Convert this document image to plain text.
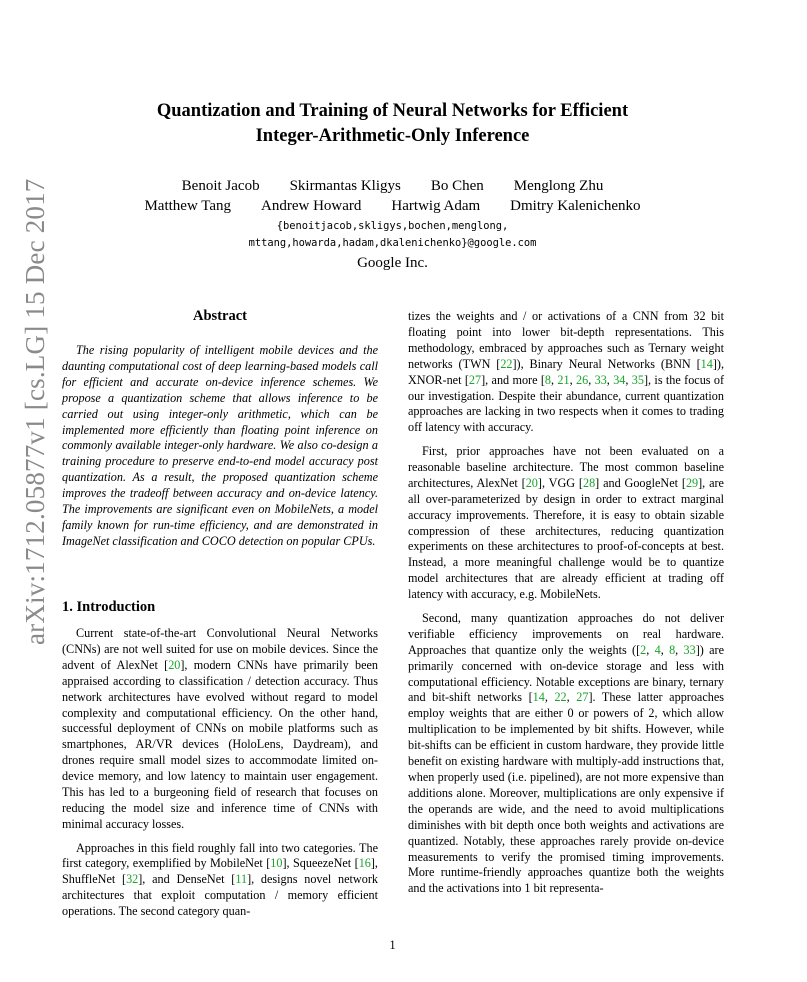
arXiv:1712.05877v1 [cs.LG] 15 Dec 2017
Quantization and Training of Neural Networks for Efficient
Integer-Arithmetic-Only Inference
Benoit Jacob Skirmantas Kligys Bo Chen Menglong Zhu
Matthew Tang Andrew Howard Hartwig Adam Dmitry Kalenichenko
{benoitjacob,skligys,bochen,menglong,
mttang,howarda,hadam,dkalenichenko}@google.com
Google Inc.
Abstract

The rising popularity of intelligent mobile devices and the daunting computational cost of deep learning-based models call for efficient and accurate on-device inference schemes. We propose a quantization scheme that allows inference to be carried out using integer-only arithmetic, which can be implemented more efficiently than floating point inference on commonly available integer-only hardware. We also co-design a training procedure to preserve end-to-end model accuracy post quantization. As a result, the proposed quantization scheme improves the tradeoff between accuracy and on-device latency. The improvements are significant even on MobileNets, a model family known for run-time efficiency, and are demonstrated in ImageNet classification and COCO detection on popular CPUs.

1. Introduction

Current state-of-the-art Convolutional Neural Networks (CNNs) are not well suited for use on mobile devices. Since the advent of AlexNet [20], modern CNNs have primarily been appraised according to classification / detection accuracy. Thus network architectures have evolved without regard to model complexity and computational efficiency. On the other hand, successful deployment of CNNs on mobile platforms such as smartphones, AR/VR devices (HoloLens, Daydream), and drones require small model sizes to accommodate limited on-device memory, and low latency to maintain user engagement. This has led to a burgeoning field of research that focuses on reducing the model size and inference time of CNNs with minimal accuracy losses.

Approaches in this field roughly fall into two categories. The first category, exemplified by MobileNet [10], SqueezeNet [16], ShuffleNet [32], and DenseNet [11], designs novel network architectures that exploit computation / memory efficient operations. The second category quan-

tizes the weights and / or activations of a CNN from 32 bit floating point into lower bit-depth representations. This methodology, embraced by approaches such as Ternary weight networks (TWN [22]), Binary Neural Networks (BNN [14]), XNOR-net [27], and more [8, 21, 26, 33, 34, 35], is the focus of our investigation. Despite their abundance, current quantization approaches are lacking in two respects when it comes to trading off latency with accuracy.

First, prior approaches have not been evaluated on a reasonable baseline architecture. The most common baseline architectures, AlexNet [20], VGG [28] and GoogleNet [29], are all over-parameterized by design in order to extract marginal accuracy improvements. Therefore, it is easy to obtain sizable compression of these architectures, reducing quantization experiments on these architectures to proof-of-concepts at best. Instead, a more meaningful challenge would be to quantize model architectures that are already efficient at trading off latency with accuracy, e.g. MobileNets.

Second, many quantization approaches do not deliver verifiable efficiency improvements on real hardware. Approaches that quantize only the weights ([2, 4, 8, 33]) are primarily concerned with on-device storage and less with computational efficiency. Notable exceptions are binary, ternary and bit-shift networks [14, 22, 27]. These latter approaches employ weights that are either 0 or powers of 2, which allow multiplication to be implemented by bit shifts. However, while bit-shifts can be efficient in custom hardware, they provide little benefit on existing hardware with multiply-add instructions that, when properly used (i.e. pipelined), are not more expensive than additions alone. Moreover, multiplications are only expensive if the operands are wide, and the need to avoid multiplications diminishes with bit depth once both weights and activations are quantized. Notably, these approaches rarely provide on-device measurements to verify the promised timing improvements. More runtime-friendly approaches quantize both the weights and the activations into 1 bit representa-

1
